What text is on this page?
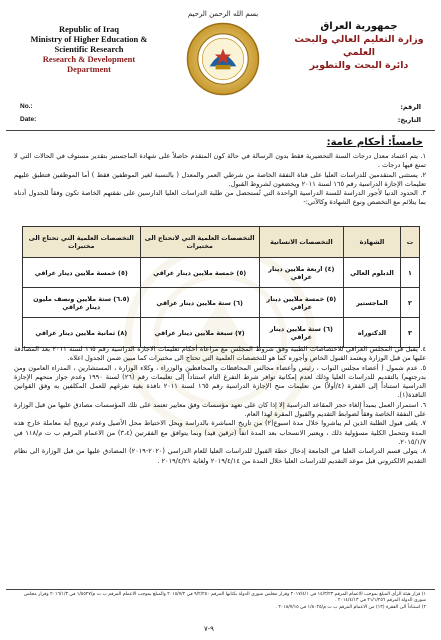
Republic of Iraq
Ministry of Higher Education &
Scientific Research
Research & Development
Department
بسم الله الرحمن الرحيم
جمهورية العراق
وزارة التعليم العالي والبحث العلمي
دائرة البحث والتطوير
No.:
Date:
الرقم:
التاريخ:
خامساً: أحكام عامة:

١. يتم اعتماد معدل درجات السنة التحضيرية فقط بدون الرسالة في حالة كون المتقدم حاصلاً على شهادة الماجستير بتقدير مستوف في الحالات التي لا تمنع فيها درجات .

٢. يستثنى المتقدمين للدراسات العليا على قناة النفقة الخاصة من شرطي العمر والمعدل ( بالنسبة لغير الموظفين فقط ) أما الموظفين فتطبق عليهم تعليمات الإجازة الدراسية رقم ١٦٥ لسنة ٢٠١١ ويخضعون لشروط القبول.

٣. الحدود الدنيا لأجور الدراسة للسنة الدراسية الواحدة التي تُستحصل من طلبة الدراسات العليا الدارسين على نفقتهم الخاصة تكون وفقاً للجدول أدناه بما يتلائم مع التخصص ونوع الشهادة وكالآتي:-

ت	الشهادة	التخصصات الانسانية	التخصصات العلمية التي لاتحتاج الى مختبرات	التخصصات العلمية التي تحتاج الى مختبرات
١	الدبلوم العالي	(٤) اربعة ملايين دينار عراقي	(٥) خمسة ملايين دينار عراقي	(٥) خمسة ملايين دينار عراقي
٢	الماجستير	(٥) خمسة ملايين دينار عراقي	(٦) ستة ملايين دينار عراقي	(٦.٥) ستة ملايين ونصف مليون دينار عراقي
٣	الدكتوراه	(٦) ستة ملايين دينار عراقي	(٧) سبعة ملايين دينار عراقي	(٨) ثمانية ملايين دينار عراقي

٤. يقبل في المجلس العراقي للاختصاصات الطبية وفق شروط المجلس مع مراعاة أحكام تعليمات الاجازة الدراسية رقم ١٦٥ لسنة ٢٠١١ بعد المصادقة عليها من قبل الوزارة ويعتمد القبول الخاص وأجوره كما هو للتخصصات العلمية التي تحتاج الى مختبرات كما مبين ضمن الجدول اعلاه.

٥. عدم شمول ( أعضاء مجلس النواب ، رئيس وأعضاء مجالس المحافظات والمحافظين والوزراء ، وكلاء الوزارة ، المستشارين ، المدراء العامون ومن بدرجتهم) بالتقديم للدراسات العليا وذلك لعدم إمكانية توافر شرط التفرغ التام استناداً إلى تعليمات رقم (٢٦) لسنة ١٩٩٠ وعدم جواز منحهم الإجازة الدراسية استناداً إلى الفقرة (٤/أولاً) من تعليمات منح الإجازة الدراسية رقم ١٦٥ لسنة ٢٠١١ نافذة بغية تفرغهم للعمل المكلفين به وفق القوانين النافذة(١).

٦. استمرار العمل بمبدأ إلغاء حجز المقاعد الدراسية إلا إذا كان على تعهد مؤسسات وفق معايير تعتمد على تلك المؤسسات مصادق عليها من قبل الوزارة على النفقة الخاصة وفقاً لضوابط التقديم والقبول المقرة لهذا العام.

٧. يلغى قبول الطلبة الذين لم يباشروا خلال مدة اسبوع(٢) من تاريخ المباشرة بالدراسة ويحل الاحتياط محل الأصيل وعدم ترويج أية معاملة خارج هذه المدة وتتحمل الكلية مسؤولية ذلك ، ويعتبر الانسحاب بعد المدة انفاً (ترقين قيد) وبما يتوافق مع الفقرتين (٣،٤) من الاعمام المرقم ب ت م/١١٨ في ٢٠١٥/١/٧.

٨. يتولى قسم الدراسات العليا في الجامعة إدخال خطة القبول للدراسات العليا للعام الدراسي (٢٠٢٠-٢٠١٩) المصادق عليها من قبل الوزارة الى نظام التقديم الالكتروني قبل موعد التقديم للدراسات العليا خلال المدة من ٢٠١٩/٤/١٤ ولغاية ٢٠١٩/٤/٢١ .

١) قرار هيئة الرأي المبلغ بموجب الاعمام المرقم ١٤/٣/٢٣ في ٢٠١٧/٤/١ وقرار مجلس شورى الدولة بكتابها المرقم ٩/٢/٢٥٠ في ٢٠١٥/٧/٢ والمبلغ بموجب الاعمام المرقم ب ت م/١/٥٥٢٧ في ٢٠١٦/١/٣ وقرار مجلس شورى الدولة المرقم ٢١/١/٢٥٦ في ٢٠١٤/٤/١٣ .
٢) استناداً الى الفقرة (١٣) من الاعمام المرقم ب ت م/١/٨٠٢٥ في ٢٠١٨/٧/١٥ .
٩-٧
